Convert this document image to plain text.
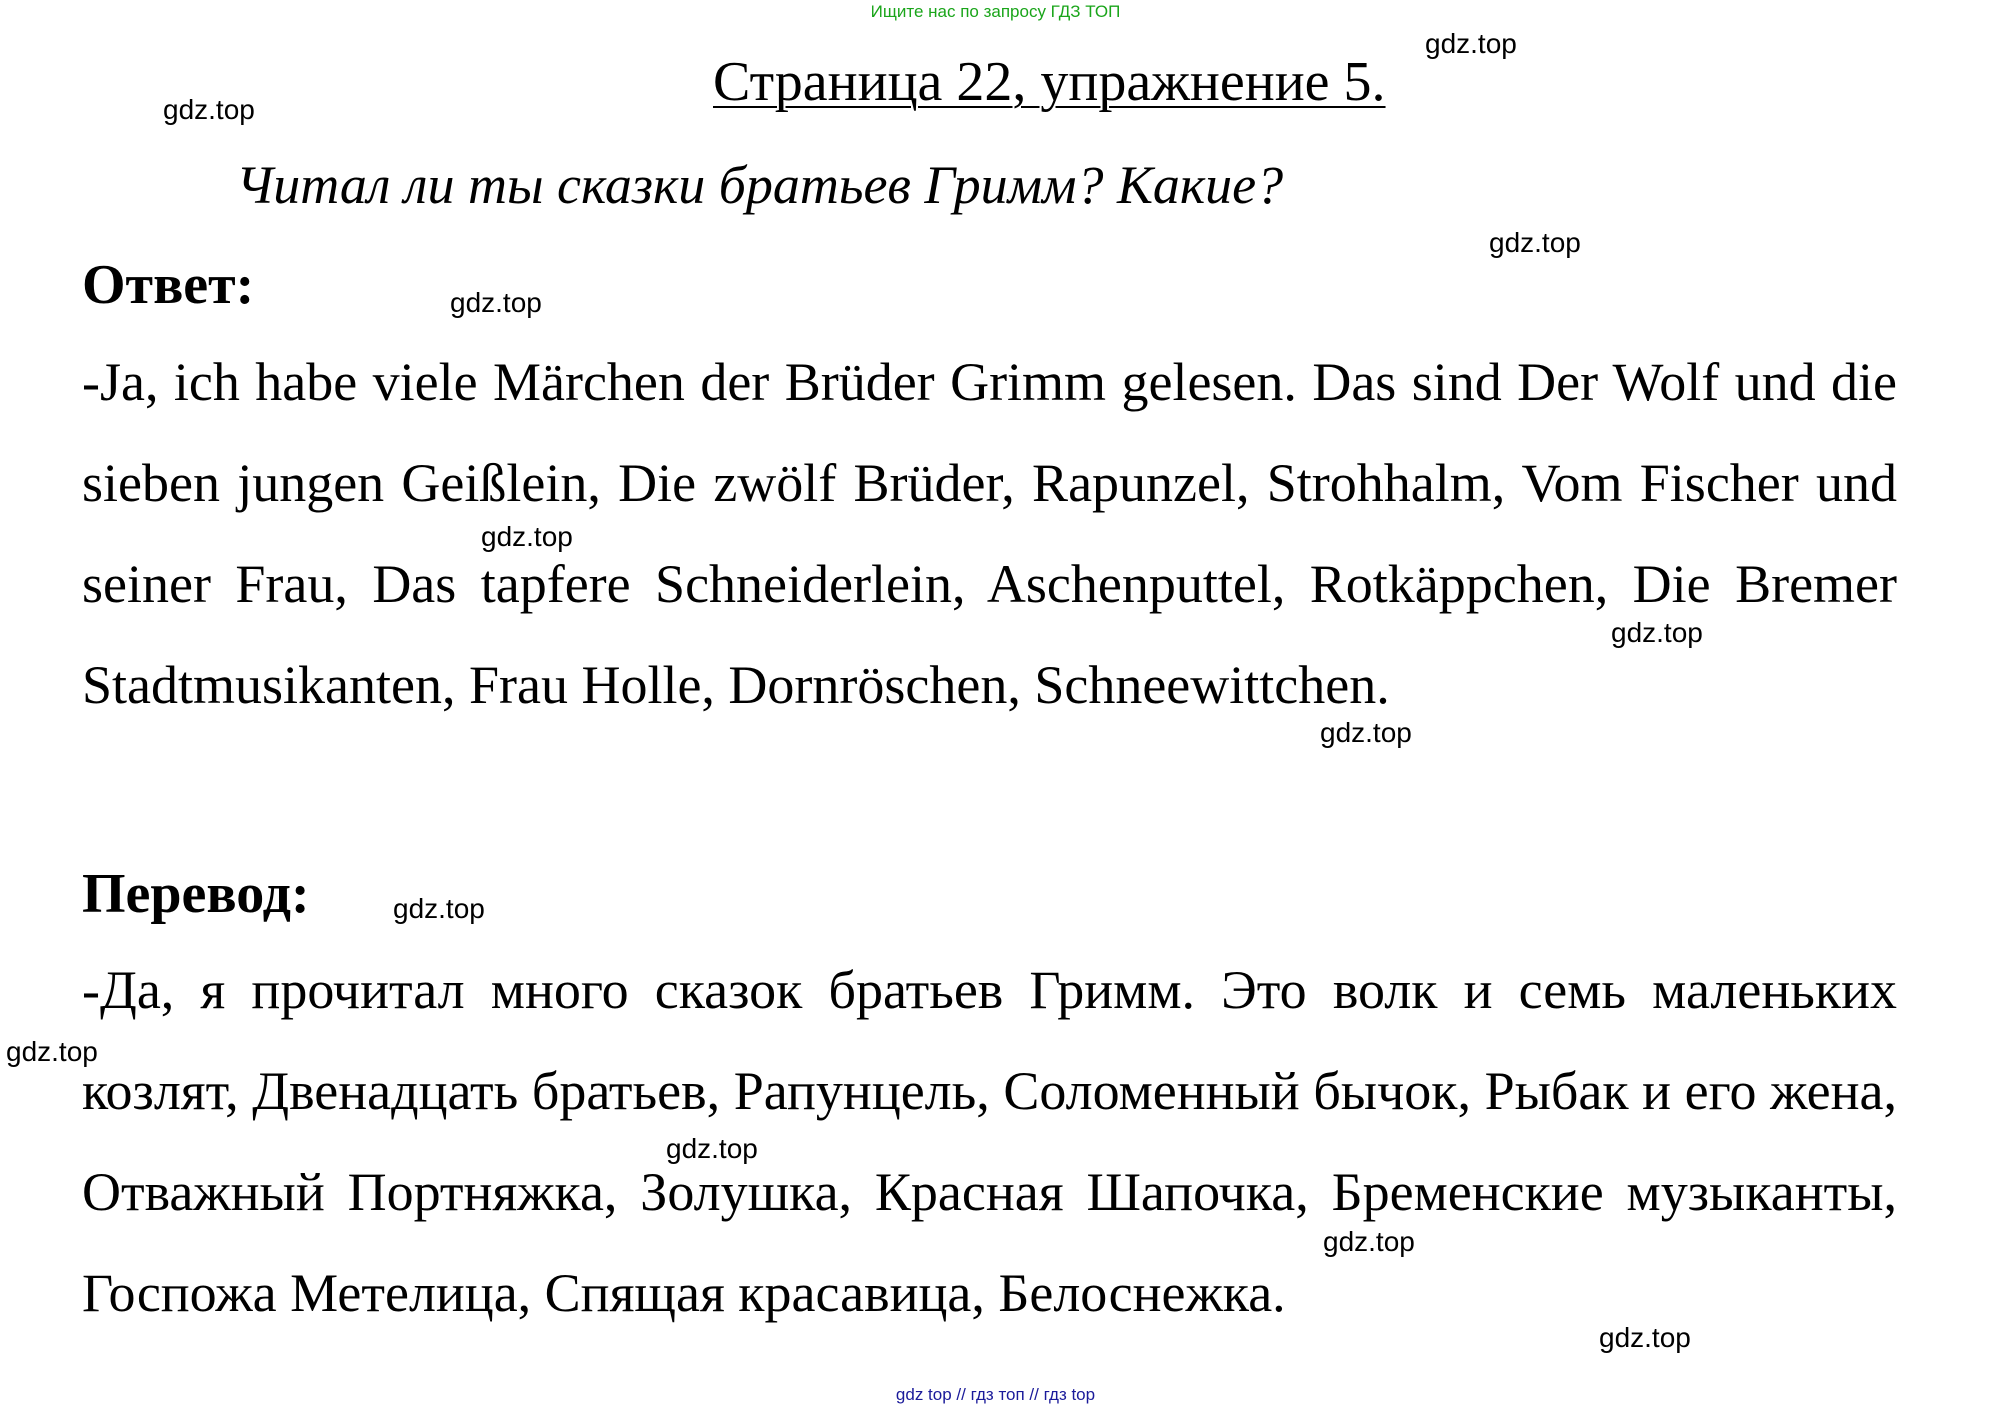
Ищите нас по запросу ГДЗ ТОП
Страница 22, упражнение 5.
Читал ли ты сказки братьев Гримм? Какие?
Ответ:
-Ja, ich habe viele Märchen der Brüder Grimm gelesen. Das sind Der Wolf und die sieben jungen Geißlein, Die zwölf Brüder, Rapunzel, Strohhalm, Vom Fischer und seiner Frau, Das tapfere Schneiderlein, Aschenputtel, Rotkäppchen, Die Bremer Stadtmusikanten, Frau Holle, Dornröschen, Schneewittchen.
Перевод:
-Да, я прочитал много сказок братьев Гримм. Это волк и семь маленьких козлят, Двенадцать братьев, Рапунцель, Соломенный бычок, Рыбак и его жена, Отважный Портняжка, Золушка, Красная Шапочка, Бременские музыканты, Госпожа Метелица, Спящая красавица, Белоснежка.
gdz.top
gdz.top
gdz.top
gdz.top
gdz.top
gdz.top
gdz.top
gdz.top
gdz.top
gdz.top
gdz.top
gdz.top
gdz top // гдз топ // гдз top
